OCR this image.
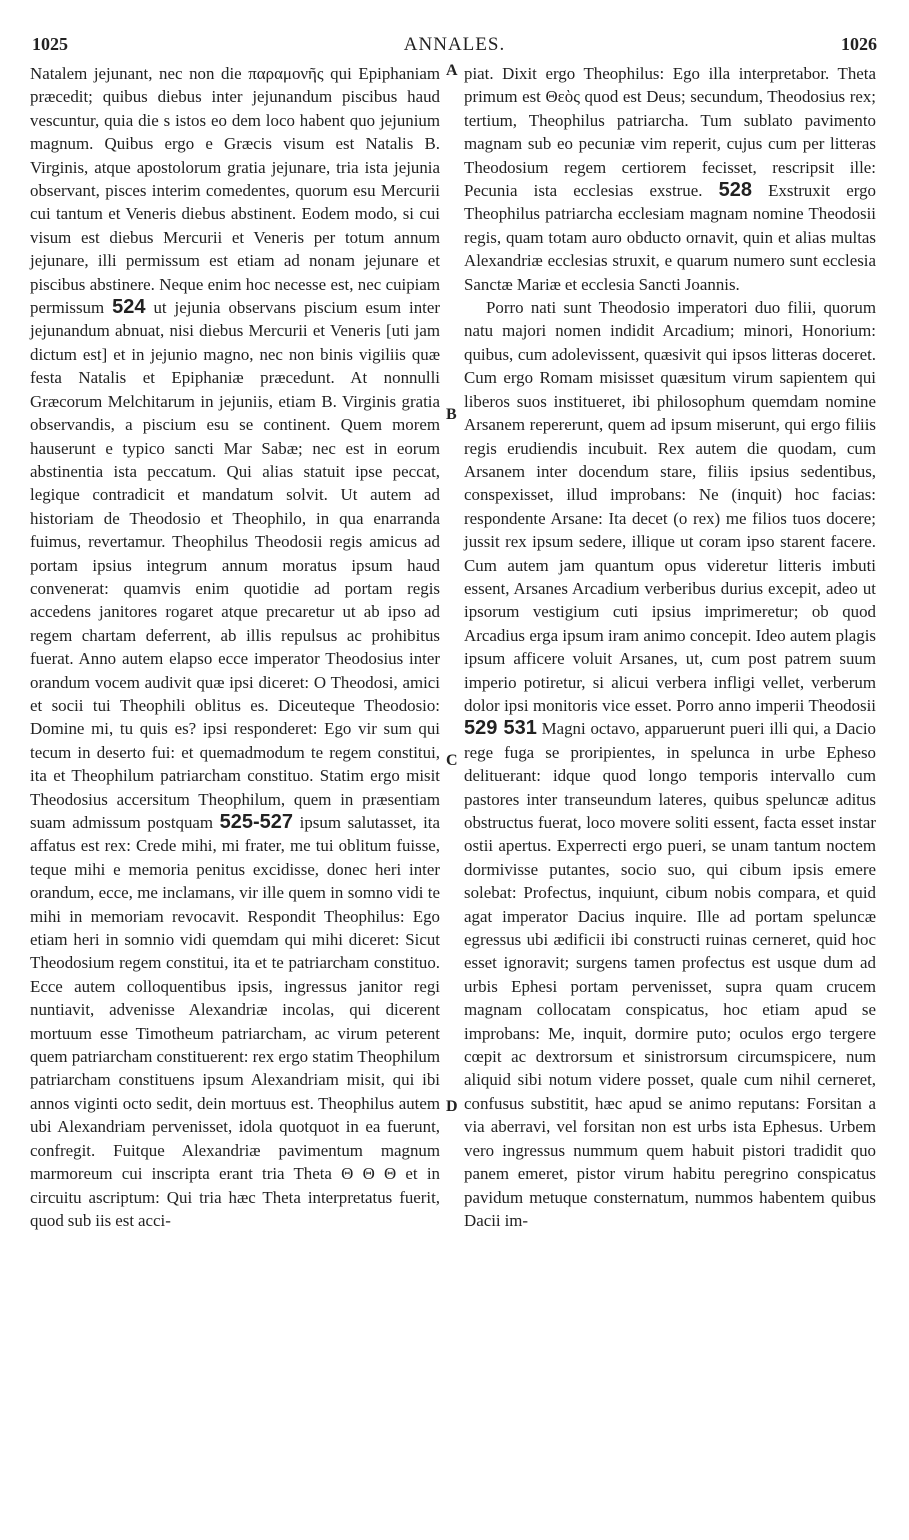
1025	ANNALES.	1026
A
B
C
D

Natalem jejunant, nec non die παραμονῆς qui Epiphaniam præcedit; quibus diebus inter jejunandum piscibus haud vescuntur, quia die s istos eo dem loco habent quo jejunium magnum. Quibus ergo e Græcis visum est Natalis B. Virginis, atque apostolorum gratia jejunare, tria ista jejunia observant, pisces interim comedentes, quorum esu Mercurii cui tantum et Veneris diebus abstinent. Eodem modo, si cui visum est diebus Mercurii et Veneris per totum annum jejunare, illi permissum est etiam ad nonam jejunare et piscibus abstinere. Neque enim hoc necesse est, nec cuipiam permissum 524 ut jejunia observans piscium esum inter jejunandum abnuat, nisi diebus Mercurii et Veneris [uti jam dictum est] et in jejunio magno, nec non binis vigiliis quæ festa Natalis et Epiphaniæ præcedunt. At nonnulli Græcorum Melchitarum in jejuniis, etiam B. Virginis gratia observandis, a piscium esu se continent. Quem morem hauserunt e typico sancti Mar Sabæ; nec est in eorum abstinentia ista peccatum. Qui alias statuit ipse peccat, legique contradicit et mandatum solvit. Ut autem ad historiam de Theodosio et Theophilo, in qua enarranda fuimus, revertamur. Theophilus Theodosii regis amicus ad portam ipsius integrum annum moratus ipsum haud convenerat: quamvis enim quotidie ad portam regis accedens janitores rogaret atque precaretur ut ab ipso ad regem chartam deferrent, ab illis repulsus ac prohibitus fuerat. Anno autem elapso ecce imperator Theodosius inter orandum vocem audivit quæ ipsi diceret: O Theodosi, amici et socii tui Theophili oblitus es. Diceuteque Theodosio: Domine mi, tu quis es? ipsi responderet: Ego vir sum qui tecum in deserto fui: et quemadmodum te regem constitui, ita et Theophilum patriarcham constituo. Statim ergo misit Theodosius accersitum Theophilum, quem in præsentiam suam admissum postquam 525-527 ipsum salutasset, ita affatus est rex: Crede mihi, mi frater, me tui oblitum fuisse, teque mihi e memoria penitus excidisse, donec heri inter orandum, ecce, me inclamans, vir ille quem in somno vidi te mihi in memoriam revocavit. Respondit Theophilus: Ego etiam heri in somnio vidi quemdam qui mihi diceret: Sicut Theodosium regem constitui, ita et te patriarcham constituo. Ecce autem colloquentibus ipsis, ingressus janitor regi nuntiavit, advenisse Alexandriæ incolas, qui dicerent mortuum esse Timotheum patriarcham, ac virum peterent quem patriarcham constituerent: rex ergo statim Theophilum patriarcham constituens ipsum Alexandriam misit, qui ibi annos viginti octo sedit, dein mortuus est. Theophilus autem ubi Alexandriam pervenisset, idola quotquot in ea fuerunt, confregit. Fuitque Alexandriæ pavimentum magnum marmoreum cui inscripta erant tria Theta Θ Θ Θ et in circuitu ascriptum: Qui tria hæc Theta interpretatus fuerit, quod sub iis est acci-

piat. Dixit ergo Theophilus: Ego illa interpretabor. Theta primum est Θεὸς quod est Deus; secundum, Theodosius rex; tertium, Theophilus patriarcha. Tum sublato pavimento magnam sub eo pecuniæ vim reperit, cujus cum per litteras Theodosium regem certiorem fecisset, rescripsit ille: Pecunia ista ecclesias exstrue. 528 Exstruxit ergo Theophilus patriarcha ecclesiam magnam nomine Theodosii regis, quam totam auro obducto ornavit, quin et alias multas Alexandriæ ecclesias struxit, e quarum numero sunt ecclesia Sanctæ Mariæ et ecclesia Sancti Joannis.

Porro nati sunt Theodosio imperatori duo filii, quorum natu majori nomen indidit Arcadium; minori, Honorium: quibus, cum adolevissent, quæsivit qui ipsos litteras doceret. Cum ergo Romam misisset quæsitum virum sapientem qui liberos suos institueret, ibi philosophum quemdam nomine Arsanem repererunt, quem ad ipsum miserunt, qui ergo filiis regis erudiendis incubuit. Rex autem die quodam, cum Arsanem inter docendum stare, filiis ipsius sedentibus, conspexisset, illud improbans: Ne (inquit) hoc facias: respondente Arsane: Ita decet (o rex) me filios tuos docere; jussit rex ipsum sedere, illique ut coram ipso starent facere. Cum autem jam quantum opus videretur litteris imbuti essent, Arsanes Arcadium verberibus durius excepit, adeo ut ipsorum vestigium cuti ipsius imprimeretur; ob quod Arcadius erga ipsum iram animo concepit. Ideo autem plagis ipsum afficere voluit Arsanes, ut, cum post patrem suum imperio potiretur, si alicui verbera infligi vellet, verberum dolor ipsi monitoris vice esset. Porro anno imperii Theodosii 529 531 Magni octavo, apparuerunt pueri illi qui, a Dacio rege fuga se proripientes, in spelunca in urbe Epheso delituerant: idque quod longo temporis intervallo cum pastores inter transeundum lateres, quibus speluncæ aditus obstructus fuerat, loco movere soliti essent, facta esset instar ostii apertus. Experrecti ergo pueri, se unam tantum noctem dormivisse putantes, socio suo, qui cibum ipsis emere solebat: Profectus, inquiunt, cibum nobis compara, et quid agat imperator Dacius inquire. Ille ad portam speluncæ egressus ubi ædificii ibi constructi ruinas cerneret, quid hoc esset ignoravit; surgens tamen profectus est usque dum ad urbis Ephesi portam pervenisset, supra quam crucem magnam collocatam conspicatus, hoc etiam apud se improbans: Me, inquit, dormire puto; oculos ergo tergere cœpit ac dextrorsum et sinistrorsum circumspicere, num aliquid sibi notum videre posset, quale cum nihil cerneret, confusus substitit, hæc apud se animo reputans: Forsitan a via aberravi, vel forsitan non est urbs ista Ephesus. Urbem vero ingressus nummum quem habuit pistori tradidit quo panem emeret, pistor virum habitu peregrino conspicatus pavidum metuque consternatum, nummos habentem quibus Dacii im-
